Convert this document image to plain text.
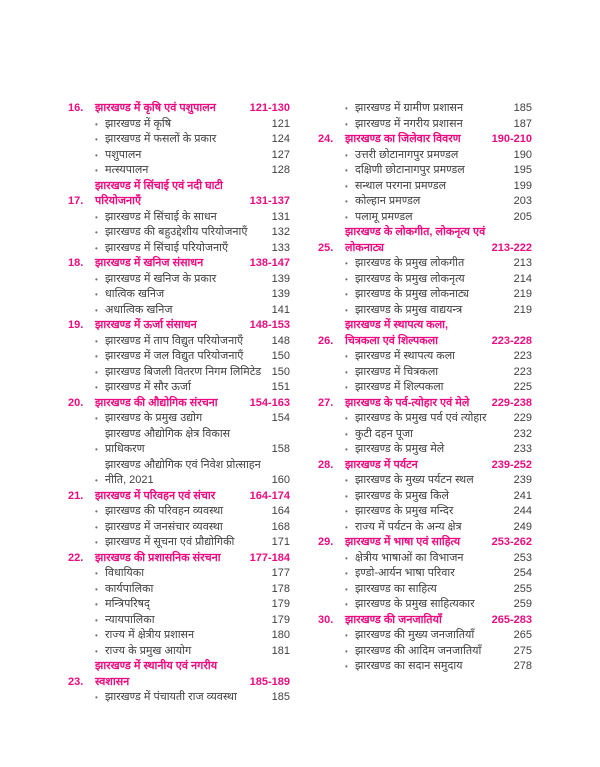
16.	झारखण्ड में कृषि एवं पशुपालन	121-130
• झारखण्ड में कृषि	121
• झारखण्ड में फसलों के प्रकार	124
• पशुपालन	127
• मत्स्यपालन	128
17.
झारखण्ड में सिंचाई एवं नदी घाटी परियोजनाएँ	131-137
• झारखण्ड में सिंचाई के साधन	131
• झारखण्ड की बहुउद्देशीय परियोजनाएँ	132
• झारखण्ड में सिंचाई परियोजनाएँ	133
18.	झारखण्ड में खनिज संसाधन	138-147
• झारखण्ड में खनिज के प्रकार	139
• धात्विक खनिज	139
• अधात्विक खनिज	141
19.	झारखण्ड में ऊर्जा संसाधन	148-153
• झारखण्ड में ताप विद्युत परियोजनाएँ	148
• झारखण्ड में जल विद्युत परियोजनाएँ	150
• झारखण्ड बिजली वितरण निगम लिमिटेड 150
• झारखण्ड में सौर ऊर्जा	151
20.	झारखण्ड की औद्योगिक संरचना	154-163
• झारखण्ड के प्रमुख उद्योग	154
•
झारखण्ड औद्योगिक क्षेत्र विकास प्राधिकरण	158
•
झारखण्ड औद्योगिक एवं निवेश प्रोत्साहन नीति, 2021	160
21.	झारखण्ड में परिवहन एवं संचार	164-174
• झारखण्ड की परिवहन व्यवस्था	164
• झारखण्ड में जनसंचार व्यवस्था	168
• झारखण्ड में सूचना एवं प्रौद्योगिकी	171
22.	झारखण्ड की प्रशासनिक संरचना	177-184
• विधायिका	177
• कार्यपालिका	178
• मन्त्रिपरिषद्	179
• न्यायपालिका	179
• राज्य में क्षेत्रीय प्रशासन	180
• राज्य के प्रमुख आयोग	181
23.
झारखण्ड में स्थानीय एवं नगरीय स्वशासन	185-189
• झारखण्ड में पंचायती राज व्यवस्था	185
• झारखण्ड में ग्रामीण प्रशासन	185
• झारखण्ड में नगरीय प्रशासन	187
24.	झारखण्ड का जिलेवार विवरण	190-210
• उत्तरी छोटानागपुर प्रमण्डल	190
• दक्षिणी छोटानागपुर प्रमण्डल	195
• सन्थाल परगना प्रमण्डल	199
• कोल्हान प्रमण्डल	203
• पलामू प्रमण्डल	205
25.
झारखण्ड के लोकगीत, लोकनृत्य एवं लोकनाट्य	213-222
• झारखण्ड के प्रमुख लोकगीत	213
• झारखण्ड के प्रमुख लोकनृत्य	214
• झारखण्ड के प्रमुख लोकनाट्य	219
• झारखण्ड के प्रमुख वाद्ययन्त्र	219
26.
झारखण्ड में स्थापत्य कला, चित्रकला एवं शिल्पकला	223-228
• झारखण्ड में स्थापत्य कला	223
• झारखण्ड में चित्रकला	223
• झारखण्ड में शिल्पकला	225
27.	झारखण्ड के पर्व-त्योहार एवं मेले	229-238
• झारखण्ड के प्रमुख पर्व एवं त्योहार	229
• कुटी दहन पूजा	232
• झारखण्ड के प्रमुख मेले	233
28.	झारखण्ड में पर्यटन	239-252
• झारखण्ड के मुख्य पर्यटन स्थल	239
• झारखण्ड के प्रमुख किले	241
• झारखण्ड के प्रमुख मन्दिर	244
• राज्य में पर्यटन के अन्य क्षेत्र	249
29.	झारखण्ड में भाषा एवं साहित्य	253-262
• क्षेत्रीय भाषाओं का विभाजन	253
• इण्डो-आर्यन भाषा परिवार	254
• झारखण्ड का साहित्य	255
• झारखण्ड के प्रमुख साहित्यकार	259
30.	झारखण्ड की जनजातियाँ	265-283
• झारखण्ड की मुख्य जनजातियाँ	265
• झारखण्ड की आदिम जनजातियाँ	275
• झारखण्ड का सदान समुदाय	278
